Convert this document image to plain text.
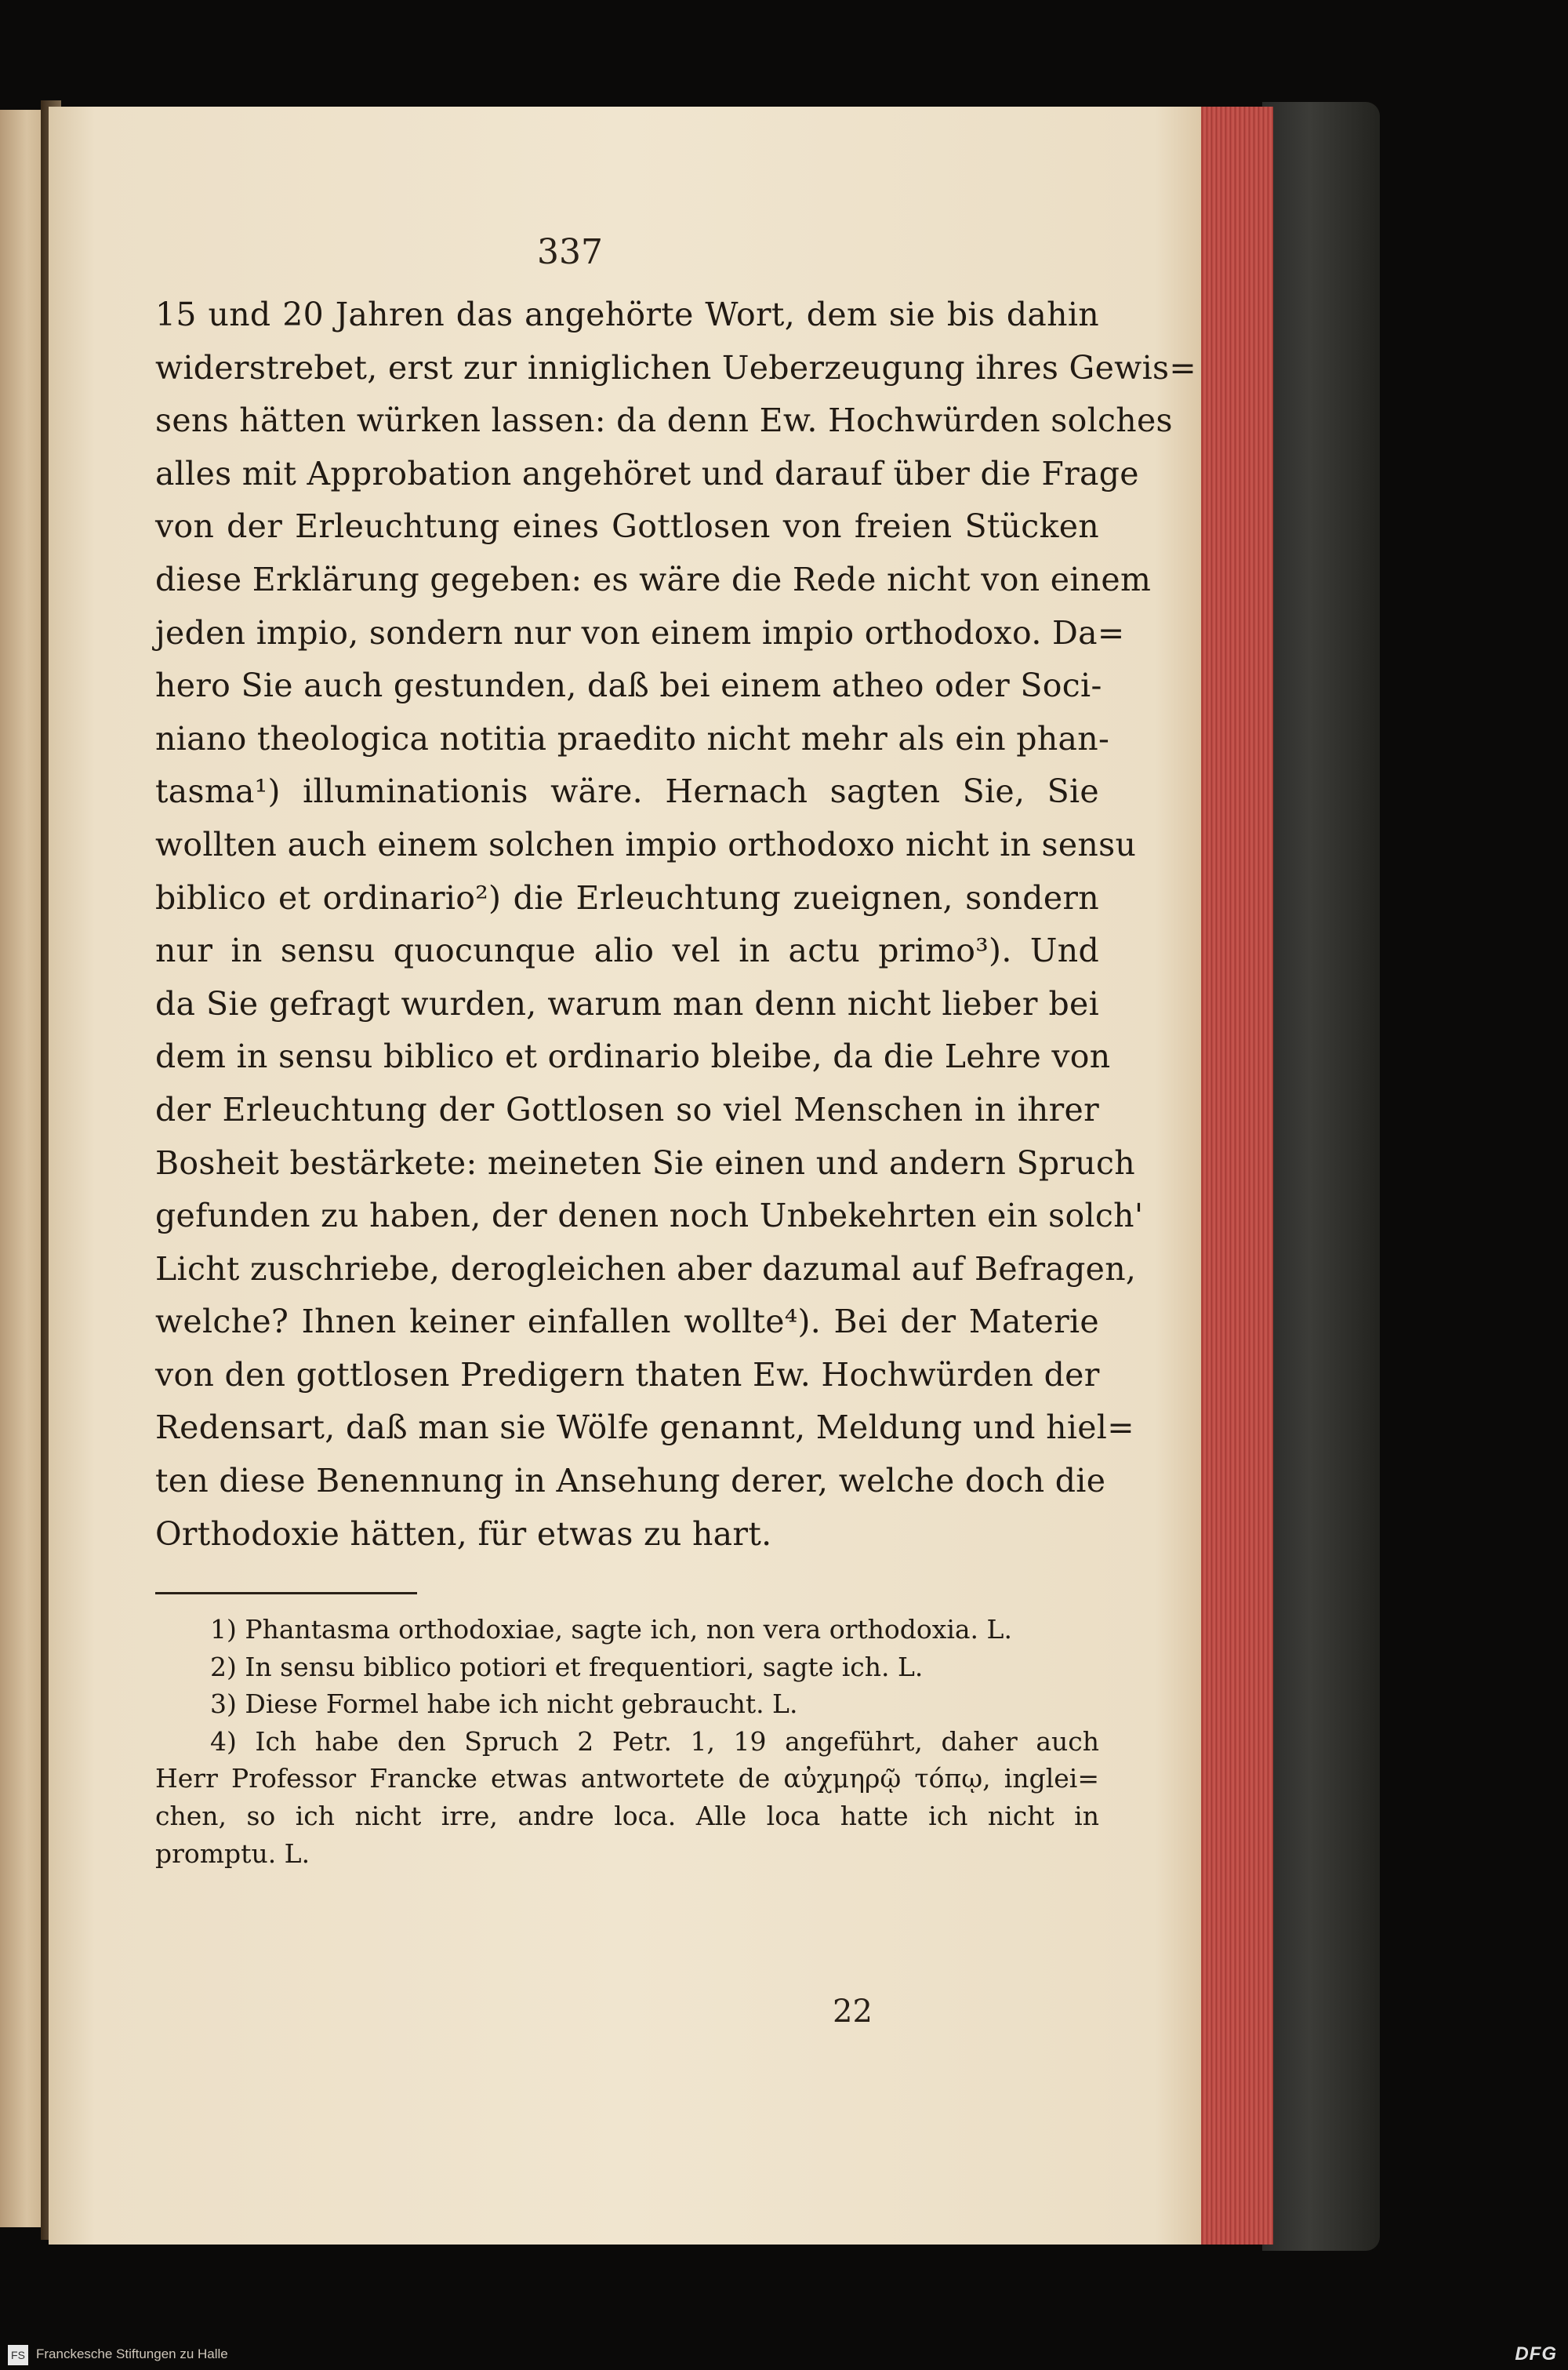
337
15 und 20 Jahren das angehörte Wort, dem sie bis dahin
widerstrebet, erst zur inniglichen Ueberzeugung ihres Gewis=
sens hätten würken lassen: da denn Ew. Hochwürden solches
alles mit Approbation angehöret und darauf über die Frage
von der Erleuchtung eines Gottlosen von freien Stücken
diese Erklärung gegeben: es wäre die Rede nicht von einem
jeden impio, sondern nur von einem impio orthodoxo. Da=
hero Sie auch gestunden, daß bei einem atheo oder Soci-
niano theologica notitia praedito nicht mehr als ein phan-
tasma¹) illuminationis wäre. Hernach sagten Sie, Sie
wollten auch einem solchen impio orthodoxo nicht in sensu
biblico et ordinario²) die Erleuchtung zueignen, sondern
nur in sensu quocunque alio vel in actu primo³). Und
da Sie gefragt wurden, warum man denn nicht lieber bei
dem in sensu biblico et ordinario bleibe, da die Lehre von
der Erleuchtung der Gottlosen so viel Menschen in ihrer
Bosheit bestärkete: meineten Sie einen und andern Spruch
gefunden zu haben, der denen noch Unbekehrten ein solch'
Licht zuschriebe, derogleichen aber dazumal auf Befragen,
welche? Ihnen keiner einfallen wollte⁴). Bei der Materie
von den gottlosen Predigern thaten Ew. Hochwürden der
Redensart, daß man sie Wölfe genannt, Meldung und hiel=
ten diese Benennung in Ansehung derer, welche doch die
Orthodoxie hätten, für etwas zu hart.
1) Phantasma orthodoxiae, sagte ich, non vera orthodoxia. L.
2) In sensu biblico potiori et frequentiori, sagte ich. L.
3) Diese Formel habe ich nicht gebraucht. L.
4) Ich habe den Spruch 2 Petr. 1, 19 angeführt, daher auch
Herr Professor Francke etwas antwortete de αὐχμηρῷ τόπῳ, inglei=
chen, so ich nicht irre, andre loca. Alle loca hatte ich nicht in
promptu. L.
22
FS Franckesche Stiftungen zu Halle	DFG
